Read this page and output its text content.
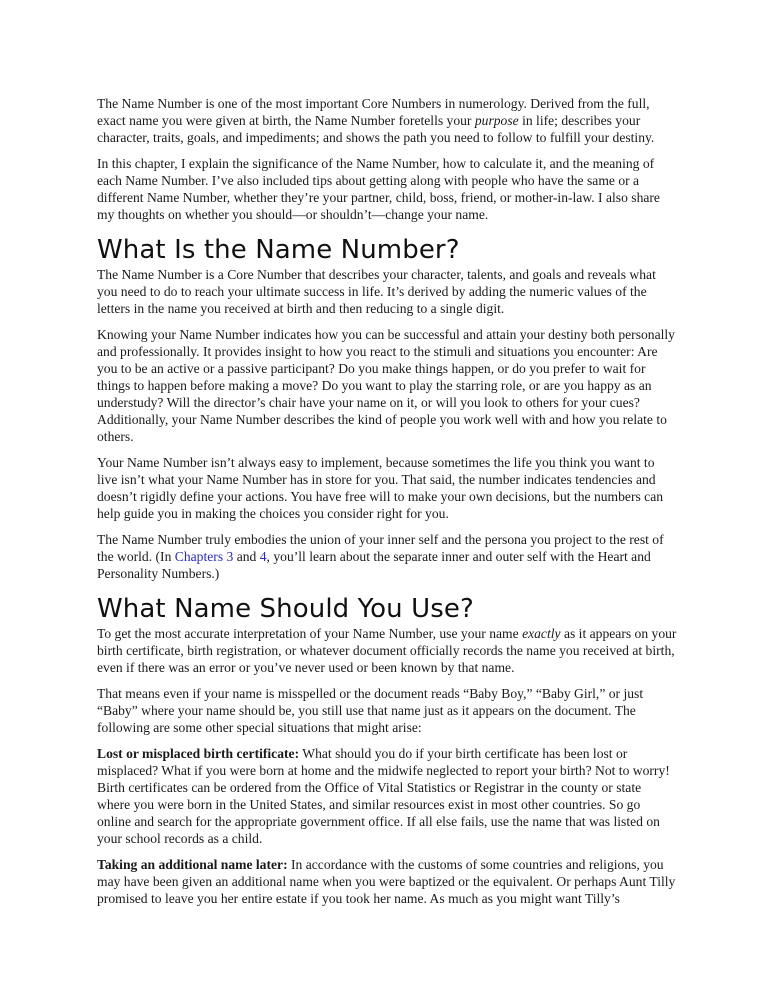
The Name Number is one of the most important Core Numbers in numerology. Derived from the full, exact name you were given at birth, the Name Number foretells your purpose in life; describes your character, traits, goals, and impediments; and shows the path you need to follow to fulfill your destiny.

In this chapter, I explain the significance of the Name Number, how to calculate it, and the meaning of each Name Number. I’ve also included tips about getting along with people who have the same or a different Name Number, whether they’re your partner, child, boss, friend, or mother-in-law. I also share my thoughts on whether you should—or shouldn’t—change your name.

What Is the Name Number?

The Name Number is a Core Number that describes your character, talents, and goals and reveals what you need to do to reach your ultimate success in life. It’s derived by adding the numeric values of the letters in the name you received at birth and then reducing to a single digit.

Knowing your Name Number indicates how you can be successful and attain your destiny both personally and professionally. It provides insight to how you react to the stimuli and situations you encounter: Are you to be an active or a passive participant? Do you make things happen, or do you prefer to wait for things to happen before making a move? Do you want to play the starring role, or are you happy as an understudy? Will the director’s chair have your name on it, or will you look to others for your cues? Additionally, your Name Number describes the kind of people you work well with and how you relate to others.

Your Name Number isn’t always easy to implement, because sometimes the life you think you want to live isn’t what your Name Number has in store for you. That said, the number indicates tendencies and doesn’t rigidly define your actions. You have free will to make your own decisions, but the numbers can help guide you in making the choices you consider right for you.

The Name Number truly embodies the union of your inner self and the persona you project to the rest of the world. (In Chapters 3 and 4, you’ll learn about the separate inner and outer self with the Heart and Personality Numbers.)

What Name Should You Use?

To get the most accurate interpretation of your Name Number, use your name exactly as it appears on your birth certificate, birth registration, or whatever document officially records the name you received at birth, even if there was an error or you’ve never used or been known by that name.

That means even if your name is misspelled or the document reads “Baby Boy,” “Baby Girl,” or just “Baby” where your name should be, you still use that name just as it appears on the document. The following are some other special situations that might arise:

Lost or misplaced birth certificate: What should you do if your birth certificate has been lost or misplaced? What if you were born at home and the midwife neglected to report your birth? Not to worry! Birth certificates can be ordered from the Office of Vital Statistics or Registrar in the county or state where you were born in the United States, and similar resources exist in most other countries. So go online and search for the appropriate government office. If all else fails, use the name that was listed on your school records as a child.

Taking an additional name later: In accordance with the customs of some countries and religions, you may have been given an additional name when you were baptized or the equivalent. Or perhaps Aunt Tilly promised to leave you her entire estate if you took her name. As much as you might want Tilly’s
